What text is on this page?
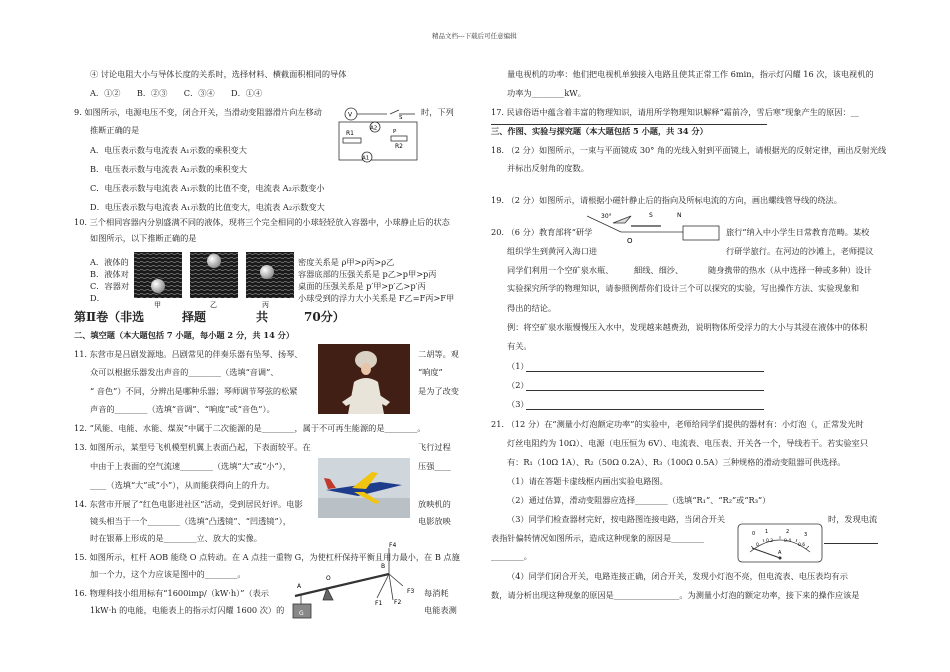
精品文档---下载后可任意编辑
④ 讨论电阻大小与导体长度的关系时，选择材料、横截面积相同的导体
A．①②　　B．②③　　C．③④　　D．①④
9. 如图所示，电源电压不变，闭合开关，当滑动变阻器滑片向左移动	时，下列
推断正确的是
A．电压表示数与电流表 A₁示数的乘积变大
B．电压表示数与电流表 A₂示数的乘积变大
C．电压表示数与电流表 A₁示数的比值不变，电流表 A₂示数变小
D．电压表示数与电流表 A₁示数的比值变大，电流表 A₂示数变大
V
A2
A1
R1
R2
S
P
10. 三个相同容器内分别盛满不同的液体，现将三个完全相同的小球轻轻放入容器中，小球静止后的状态
如图所示，以下推断正确的是
A．液体的
B．液体对
C．容器对
D．
密度关系是 ρ甲>ρ丙>ρ乙
容器底部的压强关系是 p乙>p甲>p丙
桌面的压强关系是 p′甲>p′乙>p′丙
小球受到的浮力大小关系是 F乙=F丙>F甲
甲	乙	丙
第Ⅱ卷（非选	择题	共	70分）
二、填空题（本大题包括 7 小题，每小题 2 分，共 14 分）
11. 东营市是吕剧发源地。吕剧常见的伴奏乐器有坠琴、扬琴、	二胡等。观
众可以根据乐器发出声音的________（选填“音调”、	“响度”
“ 音色”）不同，分辨出是哪种乐器；琴师调节琴弦的松紧	是为了改变
声音的________（选填“音调”、“响度”或“音色”）。
12. “风能、电能、水能、煤炭”中属于二次能源的是________，属于不可再生能源的是________。
13. 如图所示，某型号飞机模型机翼上表面凸起，下表面较平。在	飞行过程
中由于上表面的空气流速________（选填“大”或“小”），	压强____
____（选填“大”或“小”），从而能获得向上的升力。
14. 东营市开展了“红色电影进社区”活动，受到居民好评。电影	放映机的
镜头相当于一个________（选填“凸透镜”、“凹透镜”），	电影放映
时在银幕上形成的是________立、放大的实像。
15. 如图所示，杠杆 AOB 能绕 O 点转动。在 A 点挂一重物 G，为使杠杆保持平衡且用力最小，在 B 点施
加一个力，这个力应该是图中的________。
16. 物理科技小组用标有“1600imp/（kW·h）”（表示	每消耗
1kW·h 的电能，电能表上的指示灯闪耀 1600 次）的	电能表测
A
O
B
G
F4
F3
F1 F2
量电视机的功率：他们把电视机单独接入电路且使其正常工作 6min，指示灯闪耀 16 次，该电视机的
功率为________kW。
17. 民谚俗语中蕴含着丰富的物理知识，请用所学物理知识解释“霜前冷，雪后寒”现象产生的原因：__
三、作图、实验与探究题（本大题包括 5 小题，共 34 分）
18. （2 分）如图所示，一束与平面镜成 30° 角的光线入射到平面镜上，请根据光的反射定律，画出反射光线
并标出反射角的度数。
19. （2 分）如图所示，请根据小磁针静止后的指向及所标电流的方向，画出螺线管导线的绕法。
30°
O
S	N
20. （6 分）教育部将“研学	旅行”纳入中小学生日常教育范畴。某校
组织学生到黄河入海口进	行研学旅行。在河边的沙滩上，老师提议
同学们利用一个空矿泉水瓶、	細线、细沙、	随身携带的热水（从中选择一种或多种）设计
实验探究所学的物理知识，请参照例帮你们设计三个可以探究的实验，写出操作方法、实验现象和
得出的结论。
例：将空矿泉水瓶慢慢压入水中，发现越来越费劲，说明物体所受浮力的大小与其浸在液体中的体积
有关。
（1）
（2）
（3）
21. （12 分）在“测量小灯泡额定功率”的实验中，老师给同学们提供的器材有：小灯泡（，正常发光时
灯丝电阻约为 10Ω）、电源（电压恒为 6V）、电流表、电压表、开关各一个，导线若干。若实验室只
有：R₁（10Ω 1A）、R₂（50Ω 0.2A）、R₃（100Ω 0.5A）三种规格的滑动变阻器可供选择。
（1）请在答题卡虚线框内画出实验电路图。
（2）通过估算，滑动变阻器应选择________（选填“R₁”、“R₂”或“R₃”）
（3）同学们检查器材完好，按电路图连接电路，当闭合开关	时，发现电流
表指针偏转情况如图所示，造成这种现象的原因是________
________。
0 1	2	3
0
0.2 0.4
0.6
A
（4）同学们闭合开关，电路连接正确，闭合开关，发现小灯泡不亮，但电流表、电压表均有示
数，请分析出现这种现象的原因是________________。为测量小灯泡的额定功率，接下来的操作应该是
